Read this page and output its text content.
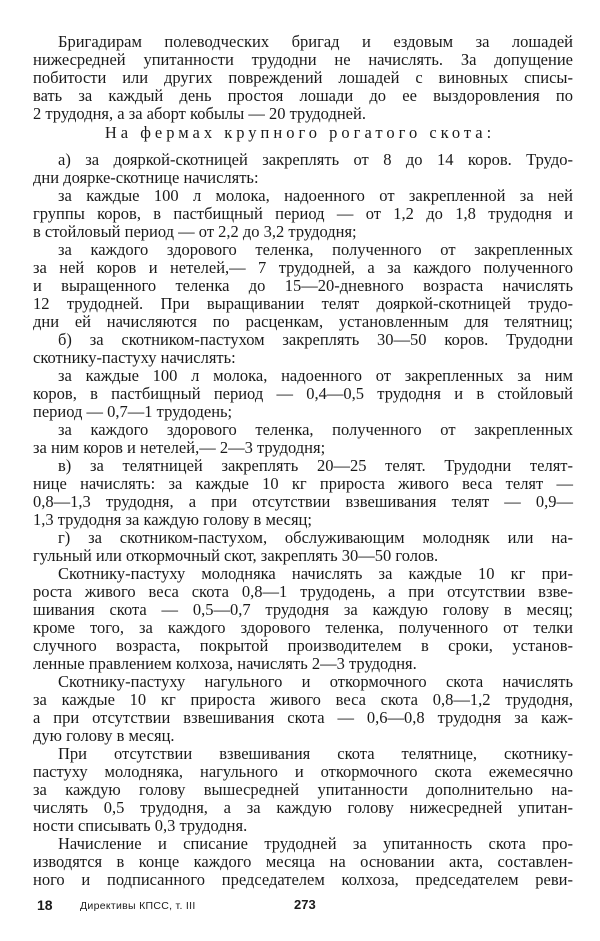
Бригадирам полеводческих бригад и ездовым за лошадей
нижесредней упитанности трудодни не начислять. За допущение
побитости или других повреждений лошадей с виновных списы-
вать за каждый день простоя лошади до ее выздоровления по
2 трудодня, а за аборт кобылы — 20 трудодней.
На фермах крупного рогатого скота:
а) за дояркой-скотницей закреплять от 8 до 14 коров. Трудо-
дни доярке-скотнице начислять:
за каждые 100 л молока, надоенного от закрепленной за ней
группы коров, в пастбищный период — от 1,2 до 1,8 трудодня и
в стойловый период — от 2,2 до 3,2 трудодня;
за каждого здорового теленка, полученного от закрепленных
за ней коров и нетелей,— 7 трудодней, а за каждого полученного
и выращенного теленка до 15—20-дневного возраста начислять
12 трудодней. При выращивании телят дояркой-скотницей трудо-
дни ей начисляются по расценкам, установленным для телятниц;
б) за скотником-пастухом закреплять 30—50 коров. Трудодни
скотнику-пастуху начислять:
за каждые 100 л молока, надоенного от закрепленных за ним
коров, в пастбищный период — 0,4—0,5 трудодня и в стойловый
период — 0,7—1 трудодень;
за каждого здорового теленка, полученного от закрепленных
за ним коров и нетелей,— 2—3 трудодня;
в) за телятницей закреплять 20—25 телят. Трудодни телят-
нице начислять: за каждые 10 кг прироста живого веса телят —
0,8—1,3 трудодня, а при отсутствии взвешивания телят — 0,9—
1,3 трудодня за каждую голову в месяц;
г) за скотником-пастухом, обслуживающим молодняк или на-
гульный или откормочный скот, закреплять 30—50 голов.
Скотнику-пастуху молодняка начислять за каждые 10 кг при-
роста живого веса скота 0,8—1 трудодень, а при отсутствии взве-
шивания скота — 0,5—0,7 трудодня за каждую голову в месяц;
кроме того, за каждого здорового теленка, полученного от телки
случного возраста, покрытой производителем в сроки, установ-
ленные правлением колхоза, начислять 2—3 трудодня.
Скотнику-пастуху нагульного и откормочного скота начислять
за каждые 10 кг прироста живого веса скота 0,8—1,2 трудодня,
а при отсутствии взвешивания скота — 0,6—0,8 трудодня за каж-
дую голову в месяц.
При отсутствии взвешивания скота телятнице, скотнику-
пастуху молодняка, нагульного и откормочного скота ежемесячно
за каждую голову вышесредней упитанности дополнительно на-
числять 0,5 трудодня, а за каждую голову нижесредней упитан-
ности списывать 0,3 трудодня.
Начисление и списание трудодней за упитанность скота про-
изводятся в конце каждого месяца на основании акта, составлен-
ного и подписанного председателем колхоза, председателем реви-
18	Директивы КПСС, т. III	273
